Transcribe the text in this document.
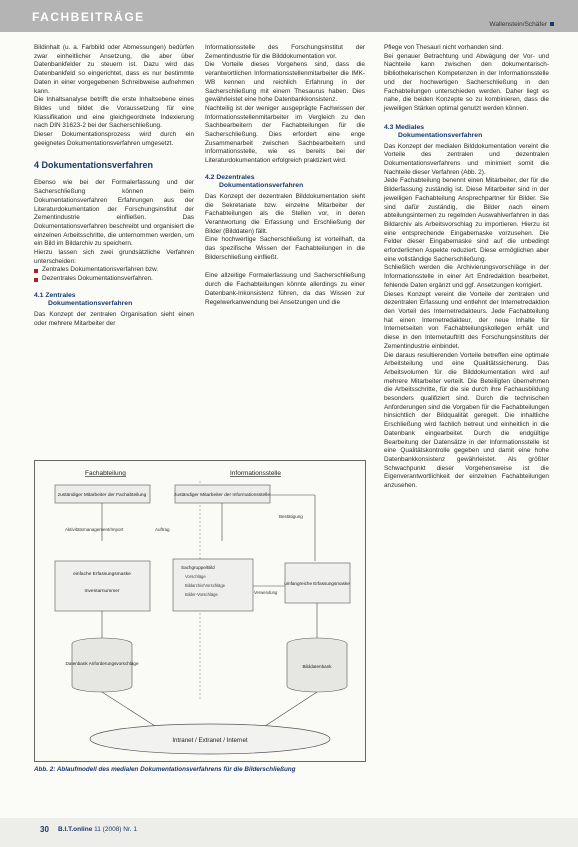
FACHBEITRÄGE
Wallenstein/Schäfer

Bildinhalt (u. a. Farbbild oder Abmessungen) bedürfen zwar einheitlicher Ansetzung, die aber über Datenbankfelder zu steuern ist. Dazu wird das Datenbankfeld so eingerichtet, dass es nur bestimmte Daten in einer vorgegebenen Schreibweise aufnehmen kann.

Die Inhaltsanalyse betrifft die erste Inhaltsebene eines Bildes und bildet die Voraussetzung für eine Klassifikation und eine gleichgeordnete Indexierung nach DIN 31623-2 bei der Sacherschließung.

Dieser Dokumentationsprozess wird durch ein geeignetes Dokumentationsverfahren umgesetzt.

4 Dokumentationsverfahren

Ebenso wie bei der Formalerfassung und der Sacherschließung können beim Dokumentationsverfahren Erfahrungen aus der Literaturdokumentation der Forschungsinstitut der Zementindustrie einfließen. Das Dokumentationsverfahren beschreibt und organisiert die einzelnen Arbeitsschritte, die unternommen werden, um ein Bild im Bildarchiv zu speichern.

Hierzu lassen sich zwei grundsätzliche Verfahren unterscheiden:

Zentrales Dokumentationsverfahren bzw.
Dezentrales Dokumentationsverfahren.
4.1 Zentrales
Dokumentationsverfahren

Das Konzept der zentralen Organisation sieht einen oder mehrere Mitarbeiter der

Informationsstelle des Forschungsinstitut der Zementindustrie für die Bilddokumentation vor.

Die Vorteile dieses Vorgehens sind, dass die verantwortlichen Informationsstellenmitarbeiter die IMK-WB kennen und reichlich Erfahrung in der Sacherschließung mit einem Thesaurus haben. Dies gewährleistet eine hohe Datenbankkonsistenz.

Nachteilig ist der weniger ausgeprägte Fachwissen der Informationsstellenmitarbeiter im Vergleich zu den Sachbearbeitern der Fachabteilungen für die Sacherschließung. Dies erfordert eine enge Zusammenarbeit zwischen Sachbearbeitern und Informationsstelle, wie es bereits bei der Literaturdokumentation erfolgreich praktiziert wird.

4.2 Dezentrales
Dokumentationsverfahren

Das Konzept der dezentralen Bilddokumentation sieht die Sekretariate bzw. einzelne Mitarbeiter der Fachabteilungen als die Stellen vor, in deren Verantwortung die Erfassung und Erschließung der Bilder (Bilddaten) fällt.

Eine hochwertige Sacherschließung ist vorteilhaft, da das spezifische Wissen der Fachabteilungen in die Bilderschließung einfließt.

Eine allzeitige Formalerfassung und Sacherschließung durch die Fachabteilungen könnte allerdings zu einer Datenbank-Inkonsistenz führen, da das Wissen zur Regelwerkanwendung bei Ansetzungen und die

Pflege von Thesauri nicht vorhanden sind.

Bei genauer Betrachtung und Abwägung der Vor- und Nachteile kann zwischen den dokumentarisch-bibliothekarischen Kompetenzen in der Informationsstelle und der hochwertigen Sacherschließung in den Fachabteilungen unterschieden werden. Daher liegt es nahe, die beiden Konzepte so zu kombinieren, dass die jeweiligen Stärken optimal genutzt werden können.

4.3 Mediales
Dokumentationsverfahren

Das Konzept der medialen Bilddokumentation vereint die Vorteile des zentralen und dezentralen Dokumentationsverfahrens und minimiert somit die Nachteile dieser Verfahren (Abb. 2).

Jede Fachabteilung benennt einen Mitarbeiter, der für die Bilderfassung zuständig ist. Diese Mitarbeiter sind in der jeweiligen Fachabteilung Ansprechpartner für Bilder. Sie sind dafür zuständig, die Bilder nach einem abteilungsinternen zu regelnden Auswahlverfahren in das Bildarchiv als Arbeitsvorschlag zu importieren. Hierzu ist eine entsprechende Eingabemaske vorzusehen. Die Felder dieser Eingabemaske sind auf die unbedingt erforderlichen Aspekte reduziert. Diese ermöglichen aber eine vollständige Sacherschließung.

Schließlich werden die Archivierungsvorschläge in der Informationsstelle in einer Art Endredaktion bearbeitet, fehlende Daten ergänzt und ggf. Ansetzungen korrigiert.

Dieses Konzept vereint die Vorteile der zentralen und dezentralen Erfassung und entlehnt der Internetredaktion den Vorteil des Internetredakteurs. Jede Fachabteilung hat einen Internetredakteur, der neue Inhalte für Internetseiten von Fachabteilungskollegen erhält und diese in den Internetauftritt des Forschungsinstituts der Zementindustrie einbindet.

Die daraus resultierenden Vorteile betreffen eine optimale Arbeitsteilung und eine Qualitätssicherung. Das Arbeitsvolumen für die Bilddokumentation wird auf mehrere Mitarbeiter verteilt. Die Beteiligten übernehmen die Arbeitsschritte, für die sie durch ihre Fachausbildung besonders qualifiziert sind. Durch die technischen Anforderungen sind die Vorgaben für die Fachabteilungen hinsichtlich der Bildqualität geregelt. Die inhaltliche Erschließung wird fachlich betreut und einheitlich in die Datenbank eingearbeitet. Durch die endgültige Bearbeitung der Datensätze in der Informationsstelle ist eine Qualitätskontrolle gegeben und damit eine hohe Datenbankkonsistenz gewährleistet. Als größter Schwachpunkt dieser Vorgehensweise ist die Eigenverantwortlichkeit der einzelnen Fachabteilungen anzusehen.

Fachabteilung	Informationsstelle
zuständiger Mitarbeiter der Fachabteilung	zuständiger Mitarbeiter der Informationsstelle
Aktivitätsmanagement/Import	Auftrag
Bestätigung
einfache Erfassungsmaske
Inventarnummer
Sachgruppe/Bild
Vorschläge
Bildarchiv/Vorschläge
Bilder-Vorschläge
umfangreiche Erfassungsmaske
Verwendung
Datenbank Anforderungsvorschläge
Bilddatenbank
Intranet / Extranet / Internet
Abb. 2: Ablaufmodell des medialen Dokumentationsverfahrens für die Bilderschließung
30 B.I.T.online 11 (2008) Nr. 1
